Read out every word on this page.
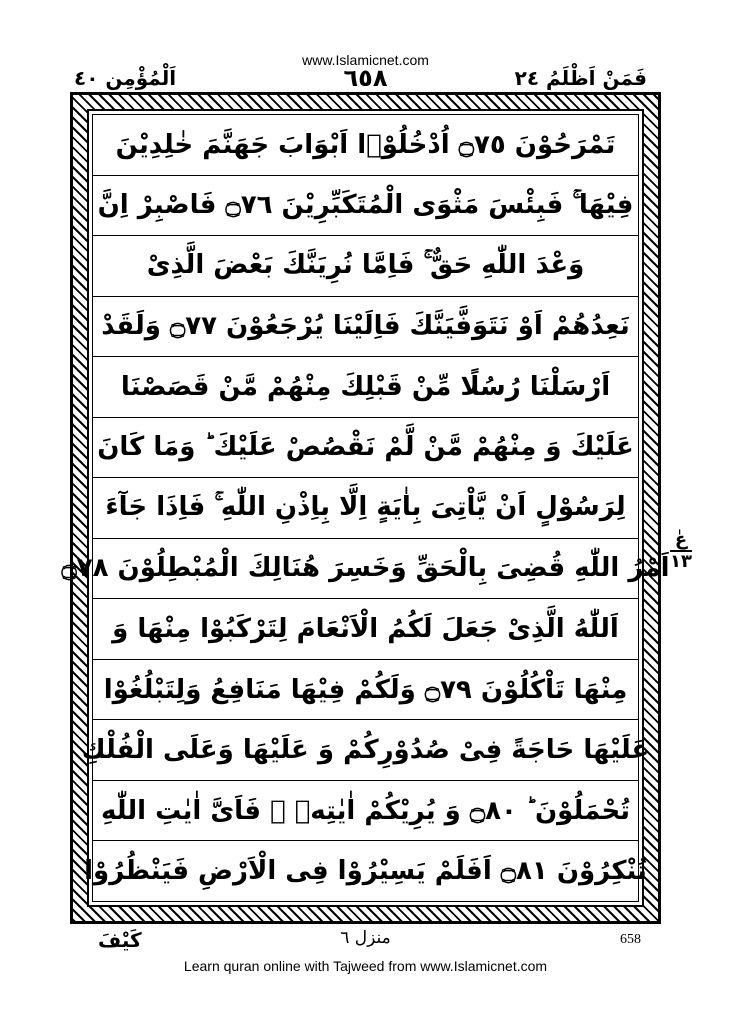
www.Islamicnet.com
فَمَنْ اَظْلَمُ ٢٤
٦٥٨
اَلْمُؤْمِن ٤٠
تَمْرَحُوْنَ ۝٧٥ اُدْخُلُوْۤا اَبْوَابَ جَهَنَّمَ خٰلِدِيْنَ
فِيْهَا ۚ فَبِئْسَ مَثْوَى الْمُتَكَبِّرِيْنَ ۝٧٦ فَاصْبِرْ اِنَّ
وَعْدَ اللّٰهِ حَقٌّ ۚ فَاِمَّا نُرِيَنَّكَ بَعْضَ الَّذِىْ
نَعِدُهُمْ اَوْ نَتَوَفَّيَنَّكَ فَاِلَيْنَا يُرْجَعُوْنَ ۝٧٧ وَلَقَدْ
اَرْسَلْنَا رُسُلًا مِّنْ قَبْلِكَ مِنْهُمْ مَّنْ قَصَصْنَا
عَلَيْكَ وَ مِنْهُمْ مَّنْ لَّمْ نَقْصُصْ عَلَيْكَ ؕ وَمَا كَانَ
لِرَسُوْلٍ اَنْ يَّاْتِىَ بِاٰيَةٍ اِلَّا بِاِذْنِ اللّٰهِ ۚ فَاِذَا جَآءَ
اَمْرُ اللّٰهِ قُضِىَ بِالْحَقِّ وَخَسِرَ هُنَالِكَ الْمُبْطِلُوْنَ ۝٧٨
اَللّٰهُ الَّذِىْ جَعَلَ لَكُمُ الْاَنْعَامَ لِتَرْكَبُوْا مِنْهَا وَ
مِنْهَا تَاْكُلُوْنَ ۝٧٩ وَلَكُمْ فِيْهَا مَنَافِعُ وَلِتَبْلُغُوْا
عَلَيْهَا حَاجَةً فِىْ صُدُوْرِكُمْ وَ عَلَيْهَا وَعَلَى الْفُلْكِ
تُحْمَلُوْنَ ؕ ۝٨٠ وَ يُرِيْكُمْ اٰيٰتِهٖ ۖ فَاَىَّ اٰيٰتِ اللّٰهِ
تُنْكِرُوْنَ ۝٨١ اَفَلَمْ يَسِيْرُوْا فِى الْاَرْضِ فَيَنْظُرُوْا
عٰ
١٣
كَيْفَ	منزل ٦	658
Learn quran online with Tajweed from www.Islamicnet.com
